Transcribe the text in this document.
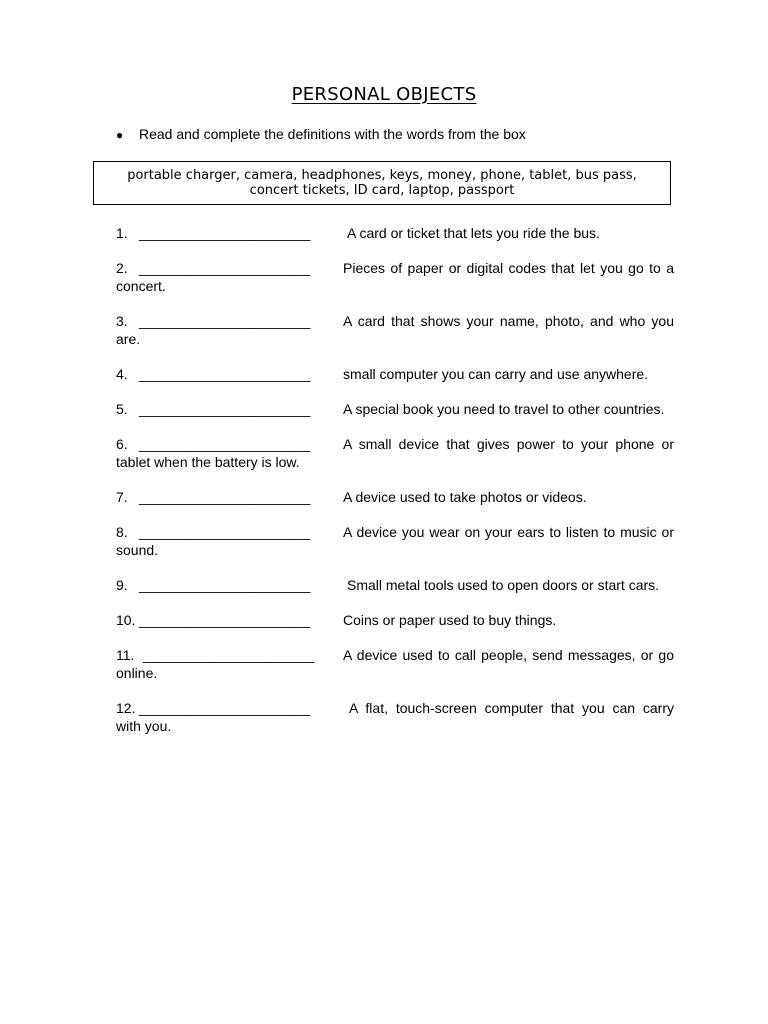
PERSONAL OBJECTS
● Read and complete the definitions with the words from the box
portable charger, camera, headphones, keys, money, phone, tablet, bus pass,
concert tickets, ID card, laptop, passport
1. ______________________	A card or ticket that lets you ride the bus.
2. ______________________ Pieces of paper or digital codes that let you go to a concert.
3. ______________________ A card that shows your name, photo, and who you are.
4. ______________________ small computer you can carry and use anywhere.
5. ______________________ A special book you need to travel to other countries.
6. ______________________ A small device that gives power to your phone or tablet when the battery is low.
7. ______________________ A device used to take photos or videos.
8. ______________________ A device you wear on your ears to listen to music or sound.
9. ______________________	Small metal tools used to open doors or start cars.
10. ______________________ Coins or paper used to buy things.
11. ______________________ A device used to call people, send messages, or go online.
12. ______________________	A flat, touch-screen computer that you can carry with you.
